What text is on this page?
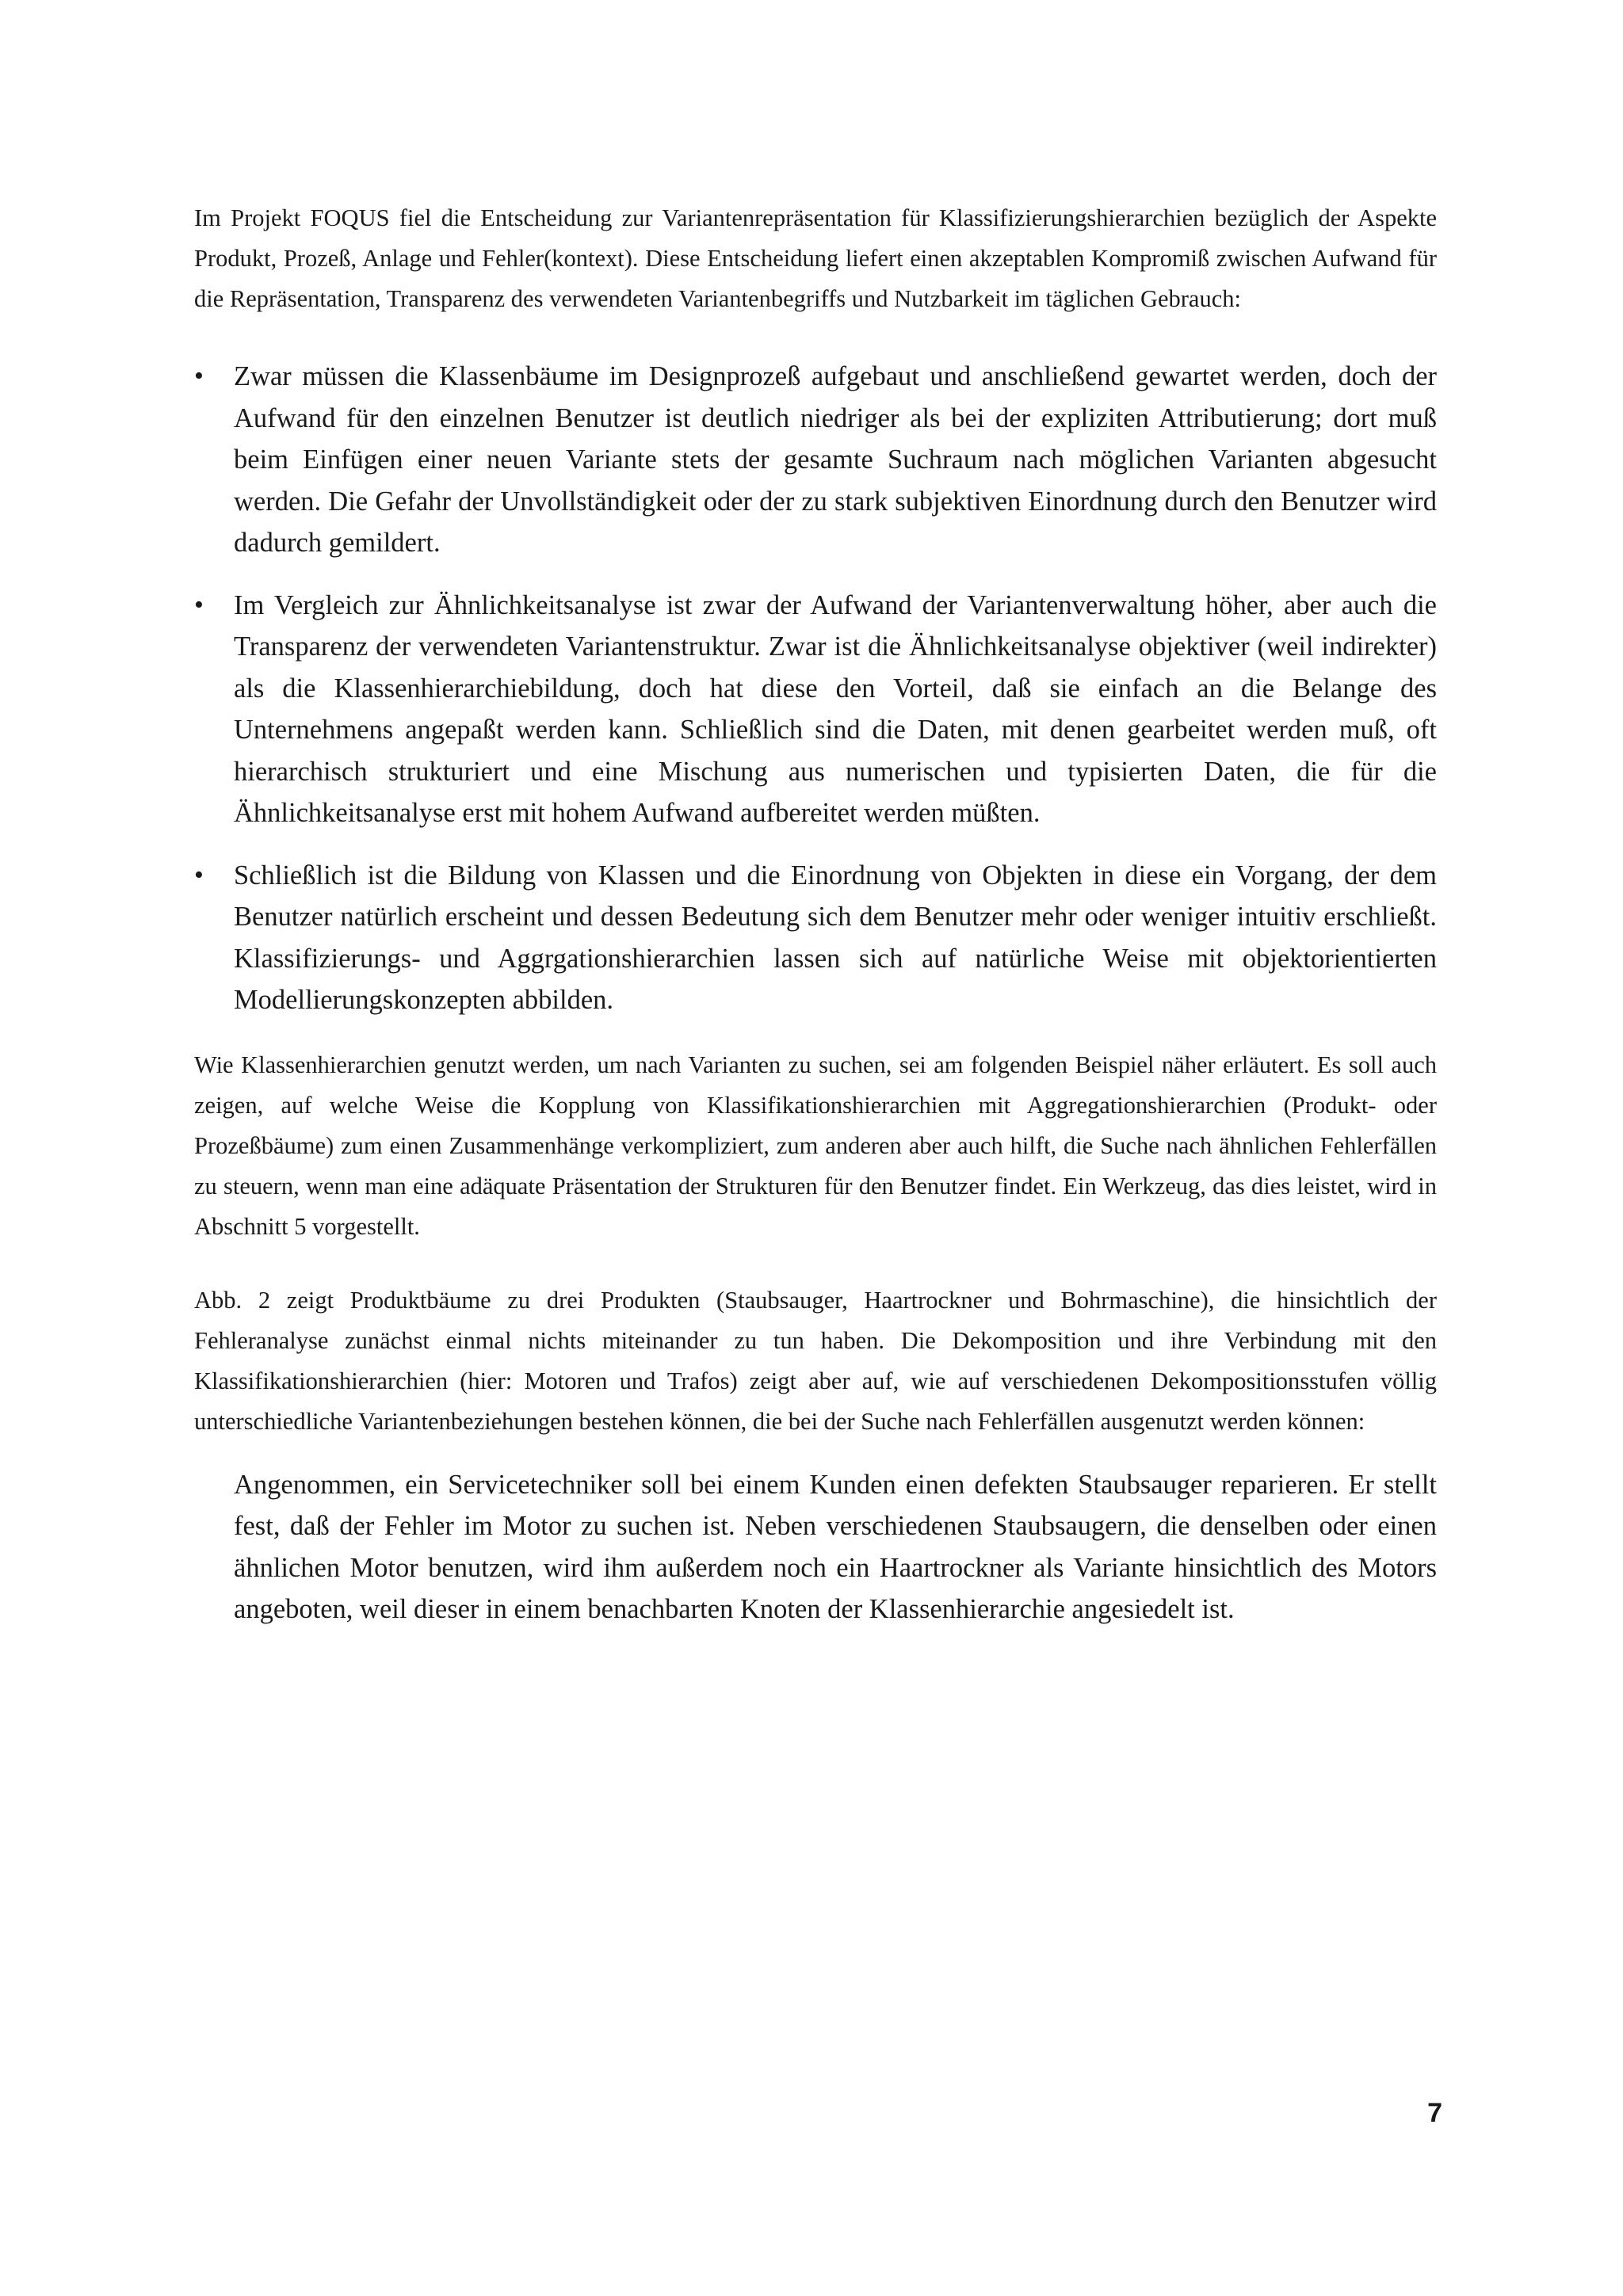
Im Projekt FOQUS fiel die Entscheidung zur Variantenrepräsentation für Klassifizierungshierarchien bezüglich der Aspekte Produkt, Prozeß, Anlage und Fehler(kontext). Diese Entscheidung liefert einen akzeptablen Kompromiß zwischen Aufwand für die Repräsentation, Transparenz des verwendeten Variantenbegriffs und Nutzbarkeit im täglichen Gebrauch:

• Zwar müssen die Klassenbäume im Designprozeß aufgebaut und anschließend gewartet werden, doch der Aufwand für den einzelnen Benutzer ist deutlich niedriger als bei der expliziten Attributierung; dort muß beim Einfügen einer neuen Variante stets der gesamte Suchraum nach möglichen Varianten abgesucht werden. Die Gefahr der Unvollständigkeit oder der zu stark subjektiven Einordnung durch den Benutzer wird dadurch gemildert.

• Im Vergleich zur Ähnlichkeitsanalyse ist zwar der Aufwand der Variantenverwaltung höher, aber auch die Transparenz der verwendeten Variantenstruktur. Zwar ist die Ähnlichkeitsanalyse objektiver (weil indirekter) als die Klassenhierarchiebildung, doch hat diese den Vorteil, daß sie einfach an die Belange des Unternehmens angepaßt werden kann. Schließlich sind die Daten, mit denen gearbeitet werden muß, oft hierarchisch strukturiert und eine Mischung aus numerischen und typisierten Daten, die für die Ähnlichkeitsanalyse erst mit hohem Aufwand aufbereitet werden müßten.

• Schließlich ist die Bildung von Klassen und die Einordnung von Objekten in diese ein Vorgang, der dem Benutzer natürlich erscheint und dessen Bedeutung sich dem Benutzer mehr oder weniger intuitiv erschließt. Klassifizierungs- und Aggrgationshierarchien lassen sich auf natürliche Weise mit objektorientierten Modellierungskonzepten abbilden.

Wie Klassenhierarchien genutzt werden, um nach Varianten zu suchen, sei am folgenden Beispiel näher erläutert. Es soll auch zeigen, auf welche Weise die Kopplung von Klassifikationshierarchien mit Aggregationshierarchien (Produkt- oder Prozeßbäume) zum einen Zusammenhänge verkompliziert, zum anderen aber auch hilft, die Suche nach ähnlichen Fehlerfällen zu steuern, wenn man eine adäquate Präsentation der Strukturen für den Benutzer findet. Ein Werkzeug, das dies leistet, wird in Abschnitt 5 vorgestellt.

Abb. 2 zeigt Produktbäume zu drei Produkten (Staubsauger, Haartrockner und Bohrmaschine), die hinsichtlich der Fehleranalyse zunächst einmal nichts miteinander zu tun haben. Die Dekomposition und ihre Verbindung mit den Klassifikationshierarchien (hier: Motoren und Trafos) zeigt aber auf, wie auf verschiedenen Dekompositionsstufen völlig unterschiedliche Variantenbeziehungen bestehen können, die bei der Suche nach Fehlerfällen ausgenutzt werden können:

Angenommen, ein Servicetechniker soll bei einem Kunden einen defekten Staubsauger reparieren. Er stellt fest, daß der Fehler im Motor zu suchen ist. Neben verschiedenen Staubsaugern, die denselben oder einen ähnlichen Motor benutzen, wird ihm außerdem noch ein Haartrockner als Variante hinsichtlich des Motors angeboten, weil dieser in einem benachbarten Knoten der Klassenhierarchie angesiedelt ist.

7
